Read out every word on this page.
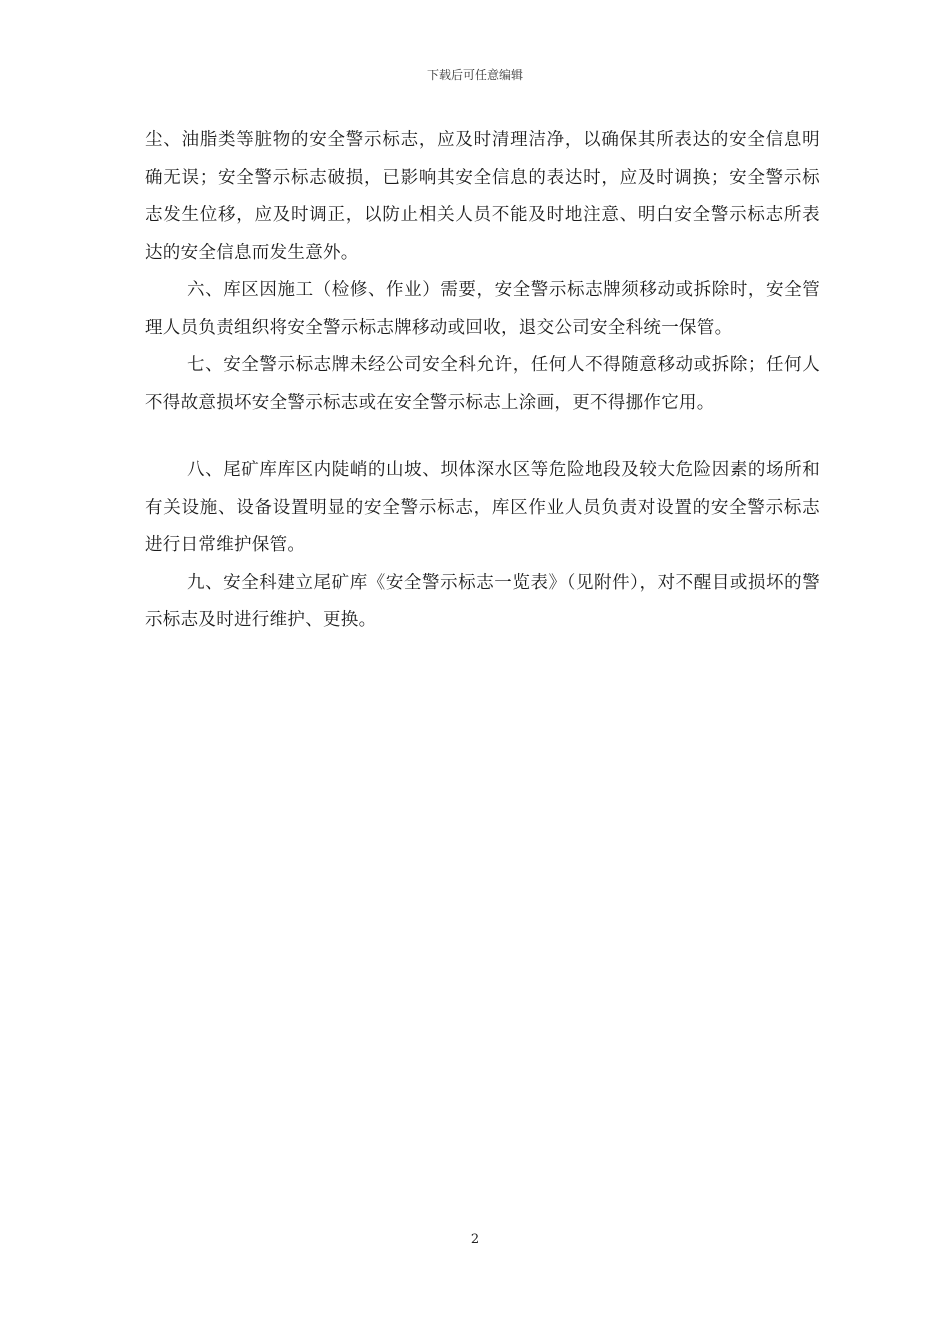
下载后可任意编辑

尘、油脂类等脏物的安全警示标志，应及时清理洁净，以确保其所表达的安全信息明确无误；安全警示标志破损，已影响其安全信息的表达时，应及时调换；安全警示标志发生位移，应及时调正，以防止相关人员不能及时地注意、明白安全警示标志所表达的安全信息而发生意外。

六、库区因施工（检修、作业）需要，安全警示标志牌须移动或拆除时，安全管理人员负责组织将安全警示标志牌移动或回收，退交公司安全科统一保管。

七、安全警示标志牌未经公司安全科允许，任何人不得随意移动或拆除；任何人不得故意损坏安全警示标志或在安全警示标志上涂画，更不得挪作它用。

八、尾矿库库区内陡峭的山坡、坝体深水区等危险地段及较大危险因素的场所和有关设施、设备设置明显的安全警示标志，库区作业人员负责对设置的安全警示标志进行日常维护保管。

九、安全科建立尾矿库《安全警示标志一览表》（见附件），对不醒目或损坏的警示标志及时进行维护、更换。

2
